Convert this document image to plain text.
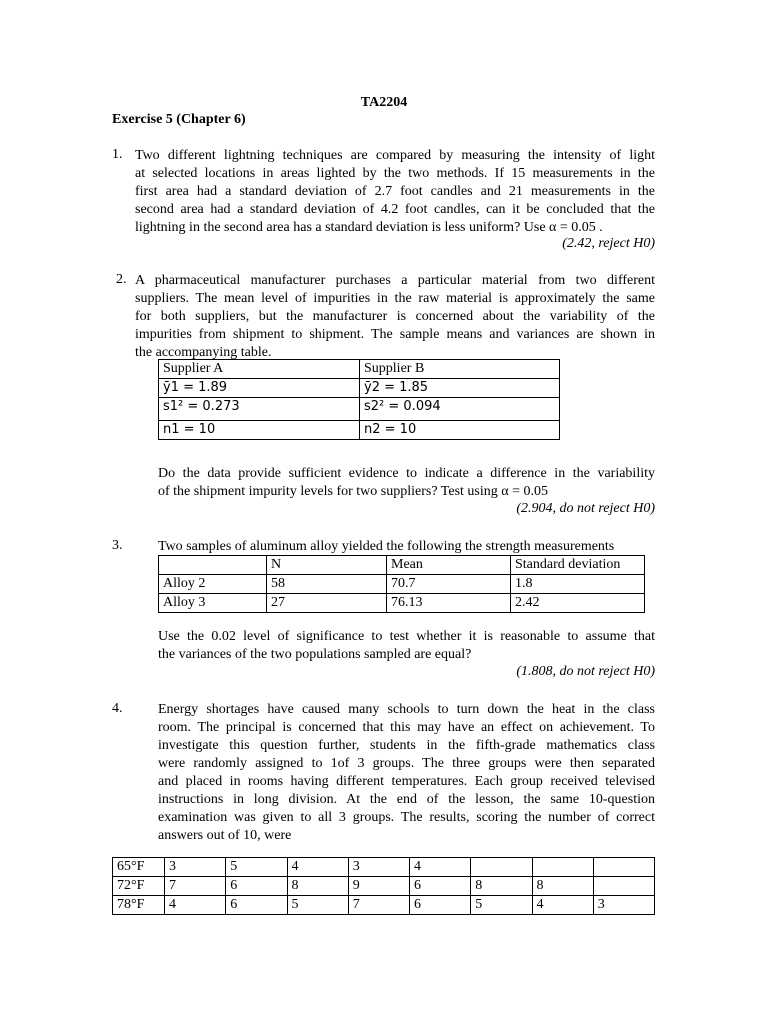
TA2204
Exercise 5 (Chapter 6)
1. Two different lightning techniques are compared by measuring the intensity of light
at selected locations in areas lighted by the two methods. If 15 measurements in the
first area had a standard deviation of 2.7 foot candles and 21 measurements in the
second area had a standard deviation of 4.2 foot candles, can it be concluded that the
lightning in the second area has a standard deviation is less uniform? Use α = 0.05 .
(2.42, reject H0)
2. A pharmaceutical manufacturer purchases a particular material from two different
suppliers. The mean level of impurities in the raw material is approximately the same
for both suppliers, but the manufacturer is concerned about the variability of the
impurities from shipment to shipment. The sample means and variances are shown in
the accompanying table.
Supplier A	Supplier B
ȳ1 = 1.89	ȳ2 = 1.85
s1² = 0.273	s2² = 0.094
n1 = 10	n2 = 10
Do the data provide sufficient evidence to indicate a difference in the variability
of the shipment impurity levels for two suppliers? Test using α = 0.05
(2.904, do not reject H0)
3.	Two samples of aluminum alloy yielded the following the strength measurements
	N	Mean	Standard deviation
Alloy 2	58	70.7	1.8
Alloy 3	27	76.13	2.42
Use the 0.02 level of significance to test whether it is reasonable to assume that
the variances of the two populations sampled are equal?
(1.808, do not reject H0)
4.	Energy shortages have caused many schools to turn down the heat in the class
room. The principal is concerned that this may have an effect on achievement. To
investigate this question further, students in the fifth-grade mathematics class
were randomly assigned to 1of 3 groups. The three groups were then separated
and placed in rooms having different temperatures. Each group received televised
instructions in long division. At the end of the lesson, the same 10-question
examination was given to all 3 groups. The results, scoring the number of correct
answers out of 10, were
65°F	3	5	4	3	4			
72°F	7	6	8	9	6	8	8	
78°F	4	6	5	7	6	5	4	3
